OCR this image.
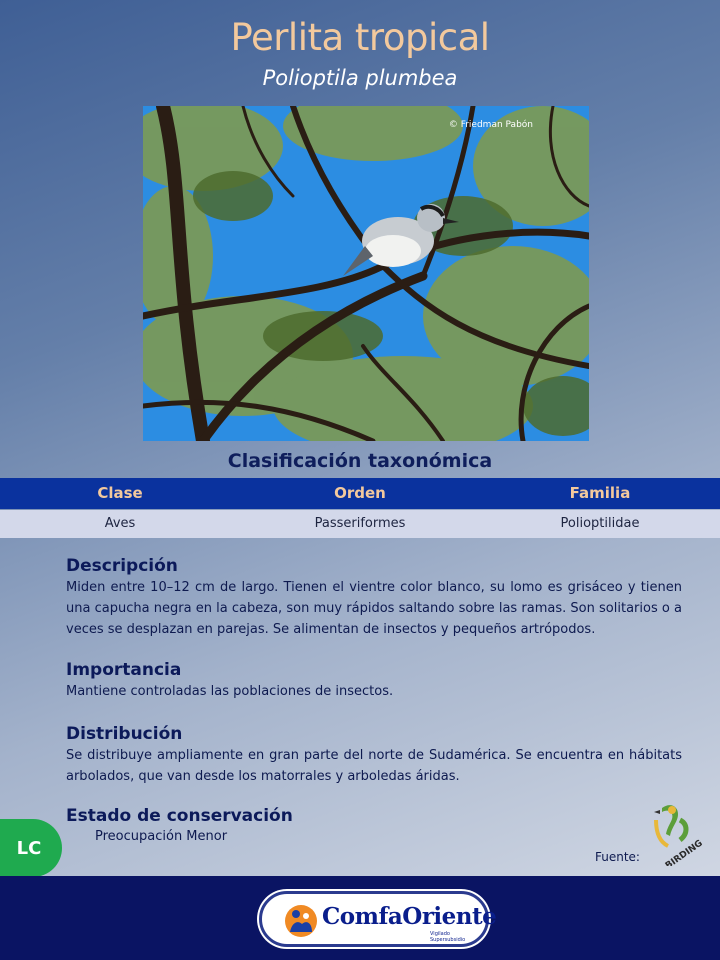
Perlita tropical
Polioptila plumbea
© Friedman Pabón
Clasificación taxonómica
Clase	Orden	Familia
Aves	Passeriformes	Polioptilidae
Descripción

Miden entre 10–12 cm de largo. Tienen el vientre color blanco, su lomo es grisáceo y tienen una capucha negra en la cabeza, son muy rápidos saltando sobre las ramas. Son solitarios o a veces se desplazan en parejas. Se alimentan de insectos y pequeños artrópodos.

Importancia

Mantiene controladas las poblaciones de insectos.

Distribución

Se distribuye ampliamente en gran parte del norte de Sudamérica. Se encuentra en hábitats arbolados, que van desde los matorrales y arboledas áridas.

LC
Estado de conservación
Preocupación Menor
Fuente:	BIRDING
ComfaOriente
Vigilado Supersubsidio
